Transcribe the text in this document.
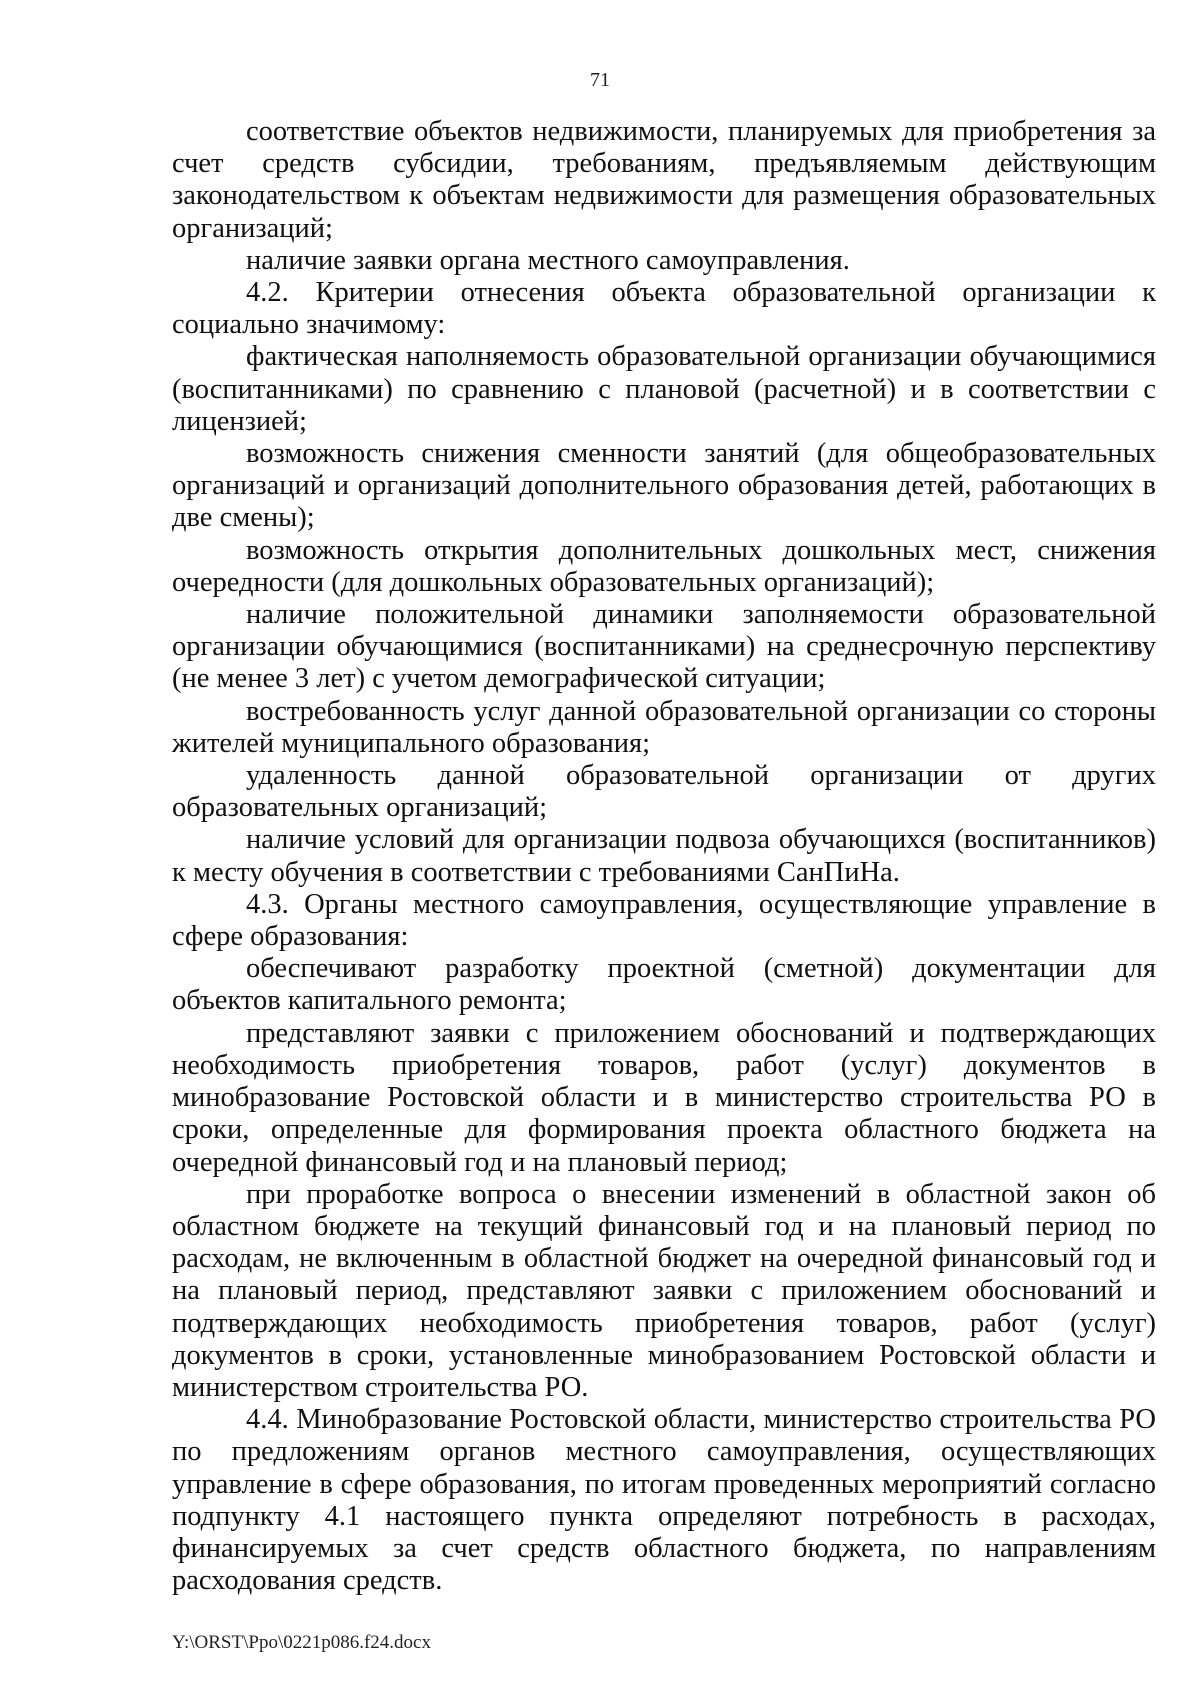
71

соответствие объектов недвижимости, планируемых для приобретения за счет средств субсидии, требованиям, предъявляемым действующим законодательством к объектам недвижимости для размещения образовательных организаций;

наличие заявки органа местного самоуправления.

4.2. Критерии отнесения объекта образовательной организации к социально значимому:

фактическая наполняемость образовательной организации обучающимися (воспитанниками) по сравнению с плановой (расчетной) и в соответствии с лицензией;

возможность снижения сменности занятий (для общеобразовательных организаций и организаций дополнительного образования детей, работающих в две смены);

возможность открытия дополнительных дошкольных мест, снижения очередности (для дошкольных образовательных организаций);

наличие положительной динамики заполняемости образовательной организации обучающимися (воспитанниками) на среднесрочную перспективу (не менее 3 лет) с учетом демографической ситуации;

востребованность услуг данной образовательной организации со стороны жителей муниципального образования;

удаленность данной образовательной организации от других образовательных организаций;

наличие условий для организации подвоза обучающихся (воспитанников) к месту обучения в соответствии с требованиями СанПиНа.

4.3. Органы местного самоуправления, осуществляющие управление в сфере образования:

обеспечивают разработку проектной (сметной) документации для объектов капитального ремонта;

представляют заявки с приложением обоснований и подтверждающих необходимость приобретения товаров, работ (услуг) документов в минобразование Ростовской области и в министерство строительства РО в сроки, определенные для формирования проекта областного бюджета на очередной финансовый год и на плановый период;

при проработке вопроса о внесении изменений в областной закон об областном бюджете на текущий финансовый год и на плановый период по расходам, не включенным в областной бюджет на очередной финансовый год и на плановый период, представляют заявки с приложением обоснований и подтверждающих необходимость приобретения товаров, работ (услуг) документов в сроки, установленные минобразованием Ростовской области и министерством строительства РО.

4.4. Минобразование Ростовской области, министерство строительства РО по предложениям органов местного самоуправления, осуществляющих управление в сфере образования, по итогам проведенных мероприятий согласно подпункту 4.1 настоящего пункта определяют потребность в расходах, финансируемых за счет средств областного бюджета, по направлениям расходования средств.

Y:\ORST\Ppo\0221p086.f24.docx
